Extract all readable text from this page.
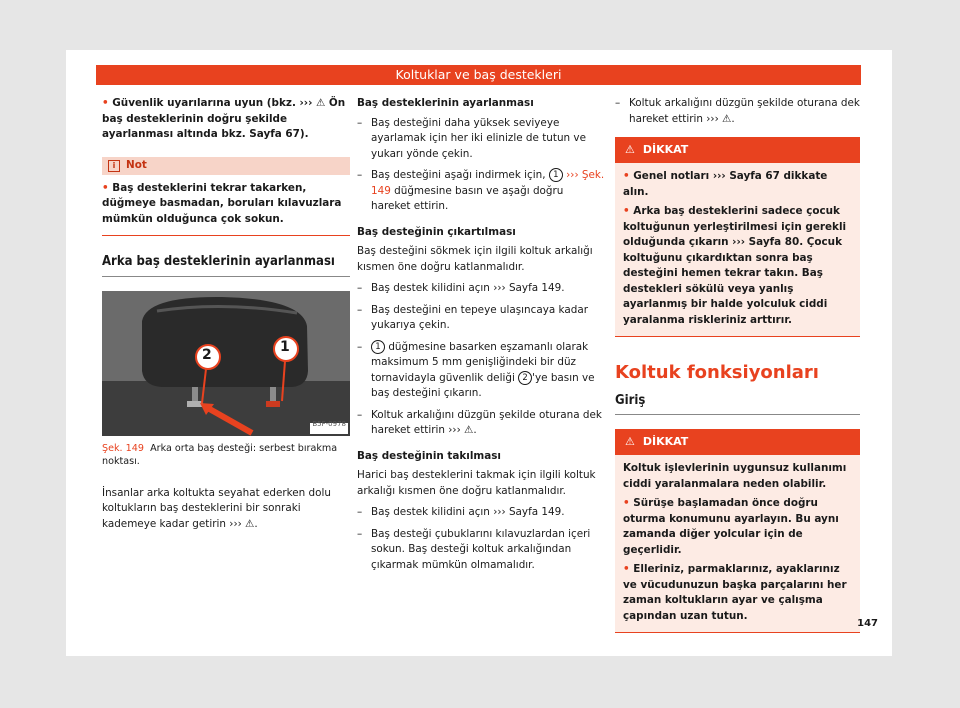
Koltuklar ve baş destekleri

• Güvenlik uyarılarına uyun (bkz. ››› ⚠ Ön baş desteklerinin doğru şekilde ayarlanması altında bkz. Sayfa 67).

i	Not

• Baş desteklerini tekrar takarken, düğmeye basmadan, boruları kılavuzlara mümkün olduğunca çok sokun.

Arka baş desteklerinin ayarlanması
1
2
B5F-0978
Şek. 149 Arka orta baş desteği: serbest bırakma noktası.

İnsanlar arka koltukta seyahat ederken dolu koltukların baş desteklerini bir sonraki kademeye kadar getirin ››› ⚠.

Baş desteklerinin ayarlanması
– Baş desteğini daha yüksek seviyeye ayarlamak için her iki elinizle de tutun ve yukarı yönde çekin.
– Baş desteğini aşağı indirmek için, 1 ››› Şek. 149 düğmesine basın ve aşağı doğru hareket ettirin.
Baş desteğinin çıkartılması

Baş desteğini sökmek için ilgili koltuk arkalığı kısmen öne doğru katlanmalıdır.

– Baş destek kilidini açın ››› Sayfa 149.
– Baş desteğini en tepeye ulaşıncaya kadar yukarıya çekin.
– 1 düğmesine basarken eşzamanlı olarak maksimum 5 mm genişliğindeki bir düz tornavidayla güvenlik deliği 2 'ye basın ve baş desteğini çıkarın.
– Koltuk arkalığını düzgün şekilde oturana dek hareket ettirin ››› ⚠.
Baş desteğinin takılması

Harici baş desteklerini takmak için ilgili koltuk arkalığı kısmen öne doğru katlanmalıdır.

– Baş destek kilidini açın ››› Sayfa 149.
– Baş desteği çubuklarını kılavuzlardan içeri sokun. Baş desteği koltuk arkalığından çıkarmak mümkün olmamalıdır.
– Koltuk arkalığını düzgün şekilde oturana dek hareket ettirin ››› ⚠.
⚠ DİKKAT

• Genel notları ››› Sayfa 67 dikkate alın.

• Arka baş desteklerini sadece çocuk koltuğunun yerleştirilmesi için gerekli olduğunda çıkarın ››› Sayfa 80. Çocuk koltuğunu çıkardıktan sonra baş desteğini hemen tekrar takın. Baş destekleri sökülü veya yanlış ayarlanmış bir halde yolculuk ciddi yaralanma riskleriniz arttırır.

Koltuk fonksiyonları
Giriş
⚠ DİKKAT

Koltuk işlevlerinin uygunsuz kullanımı ciddi yaralanmalara neden olabilir.

• Sürüşe başlamadan önce doğru oturma konumunu ayarlayın. Bu aynı zamanda diğer yolcular için de geçerlidir.

• Elleriniz, parmaklarınız, ayaklarınız ve vücudunuzun başka parçalarını her zaman koltukların ayar ve çalışma çapından uzan tutun.

147
